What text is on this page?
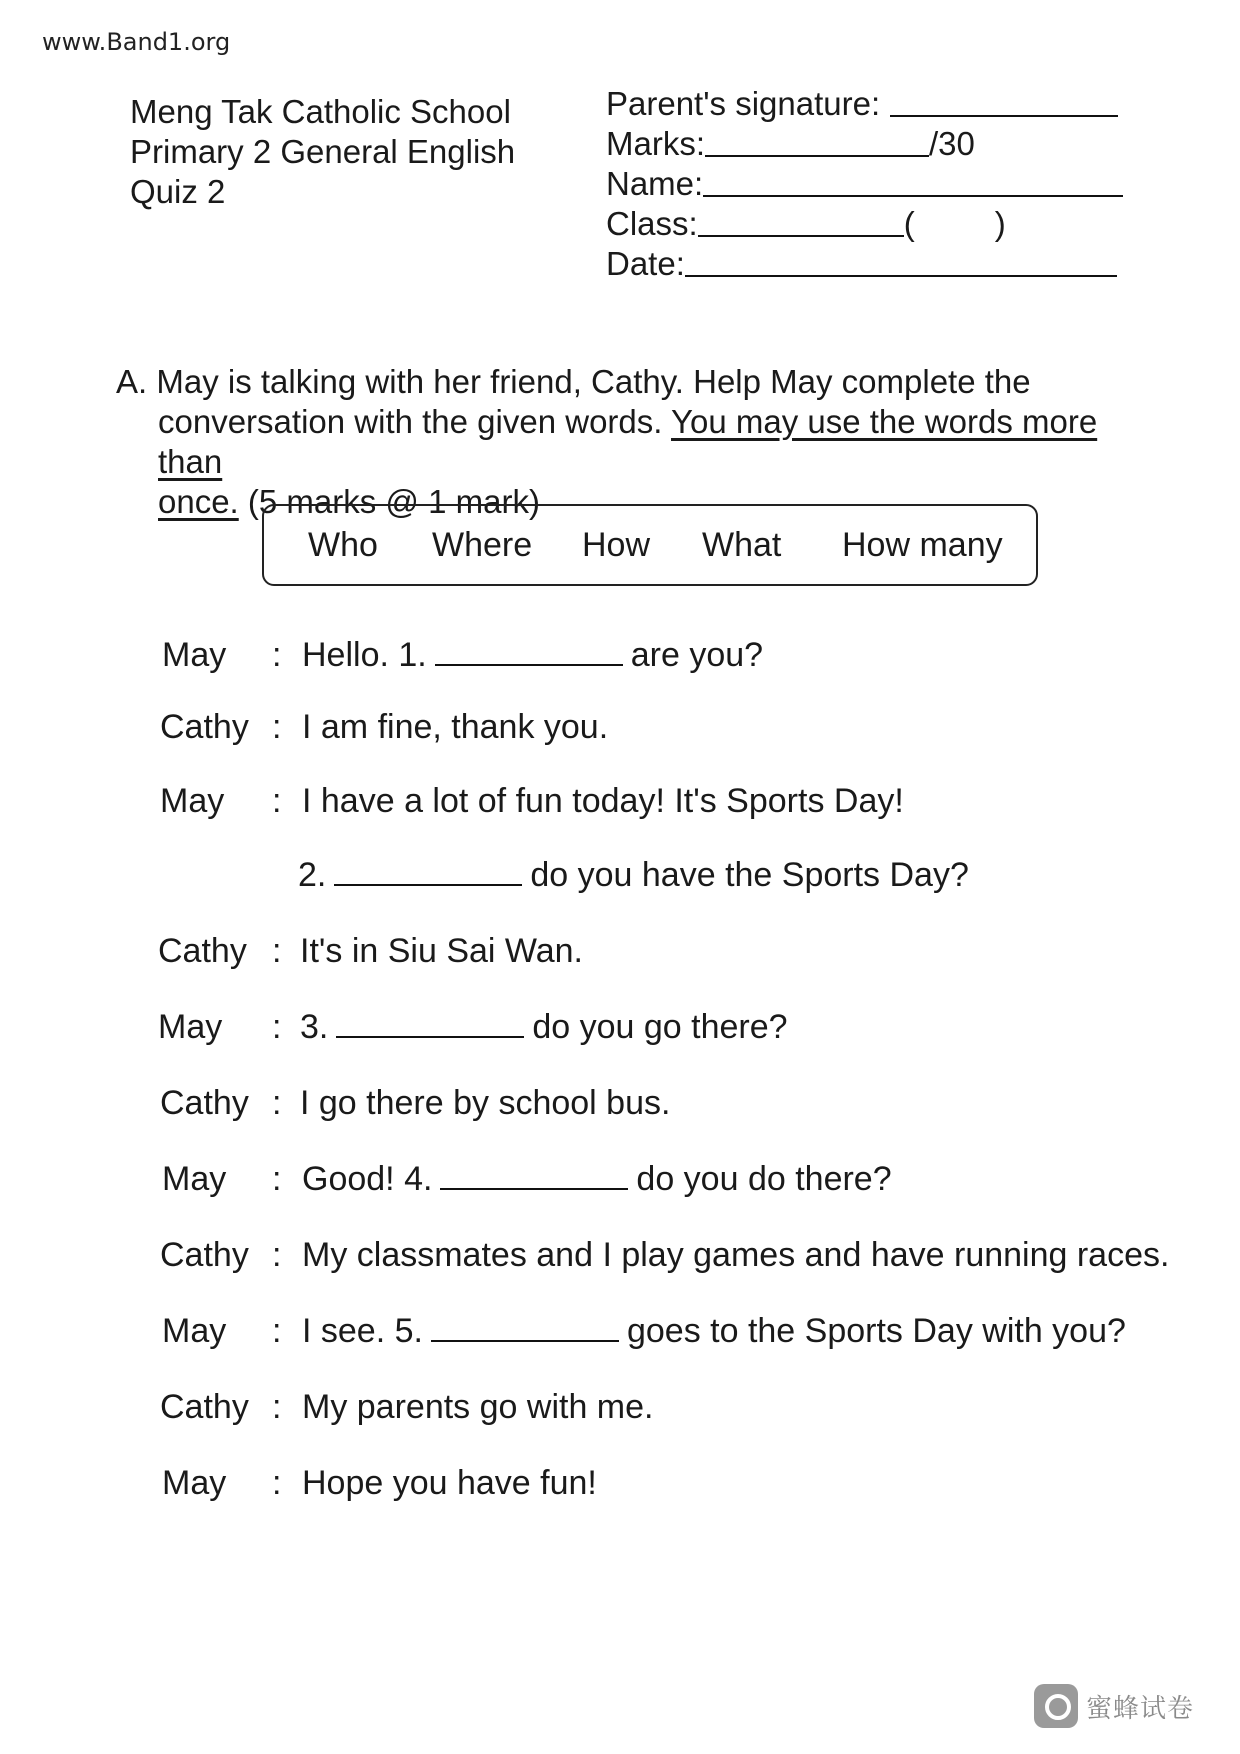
www.Band1.org
Meng Tak Catholic School
Primary 2 General English
Quiz 2
Parent's signature:
Marks:	/30
Name:
Class:	( )
Date:
A. May is talking with her friend, Cathy. Help May complete the
conversation with the given words. You may use the words more than
once. (5 marks @ 1 mark)
Who Where How What How many
May : Hello. 1.	are you?
Cathy : I am fine, thank you.
May : I have a lot of fun today! It's Sports Day!
2.	do you have the Sports Day?
Cathy : It's in Siu Sai Wan.
May : 3.	do you go there?
Cathy : I go there by school bus.
May : Good! 4.	do you do there?
Cathy : My classmates and I play games and have running races.
May : I see. 5.	goes to the Sports Day with you?
Cathy : My parents go with me.
May : Hope you have fun!
蜜蜂试卷
